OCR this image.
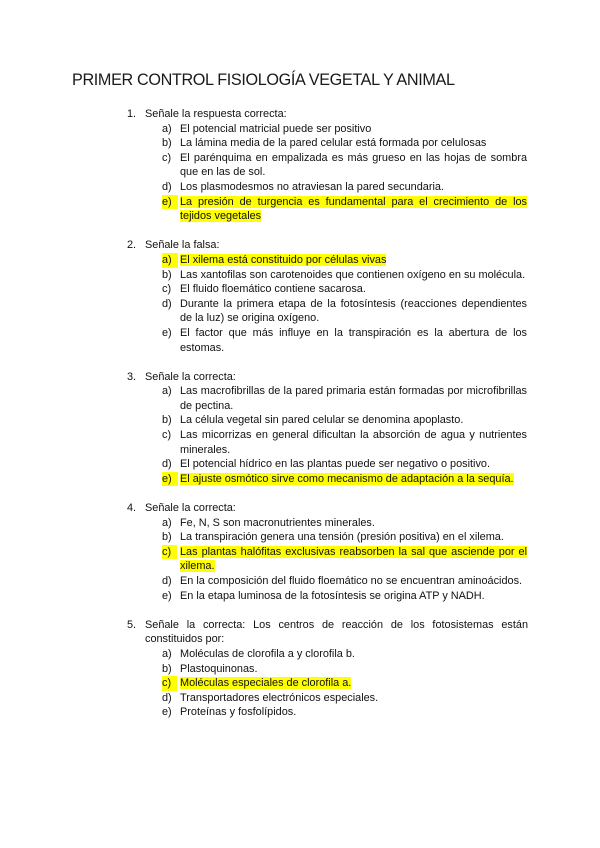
PRIMER CONTROL FISIOLOGÍA VEGETAL Y ANIMAL
1. Señale la respuesta correcta:
a) El potencial matricial puede ser positivo
b) La lámina media de la pared celular está formada por celulosas
c) El parénquima en empalizada es más grueso en las hojas de sombra que en las de sol.
d) Los plasmodesmos no atraviesan la pared secundaria.
e) La presión de turgencia es fundamental para el crecimiento de los tejidos vegetales
2. Señale la falsa:
a) El xilema está constituido por células vivas
b) Las xantofilas son carotenoides que contienen oxígeno en su molécula.
c) El fluido floemático contiene sacarosa.
d) Durante la primera etapa de la fotosíntesis (reacciones dependientes de la luz) se origina oxígeno.
e) El factor que más influye en la transpiración es la abertura de los estomas.
3. Señale la correcta:
a) Las macrofibrillas de la pared primaria están formadas por microfibrillas de pectina.
b) La célula vegetal sin pared celular se denomina apoplasto.
c) Las micorrizas en general dificultan la absorción de agua y nutrientes minerales.
d) El potencial hídrico en las plantas puede ser negativo o positivo.
e) El ajuste osmótico sirve como mecanismo de adaptación a la sequía.
4. Señale la correcta:
a) Fe, N, S son macronutrientes minerales.
b) La transpiración genera una tensión (presión positiva) en el xilema.
c) Las plantas halófitas exclusivas reabsorben la sal que asciende por el xilema.
d) En la composición del fluido floemático no se encuentran aminoácidos.
e) En la etapa luminosa de la fotosíntesis se origina ATP y NADH.
5. Señale la correcta: Los centros de reacción de los fotosistemas están constituidos por:
a) Moléculas de clorofila a y clorofila b.
b) Plastoquinonas.
c) Moléculas especiales de clorofila a.
d) Transportadores electrónicos especiales.
e) Proteínas y fosfolípidos.
